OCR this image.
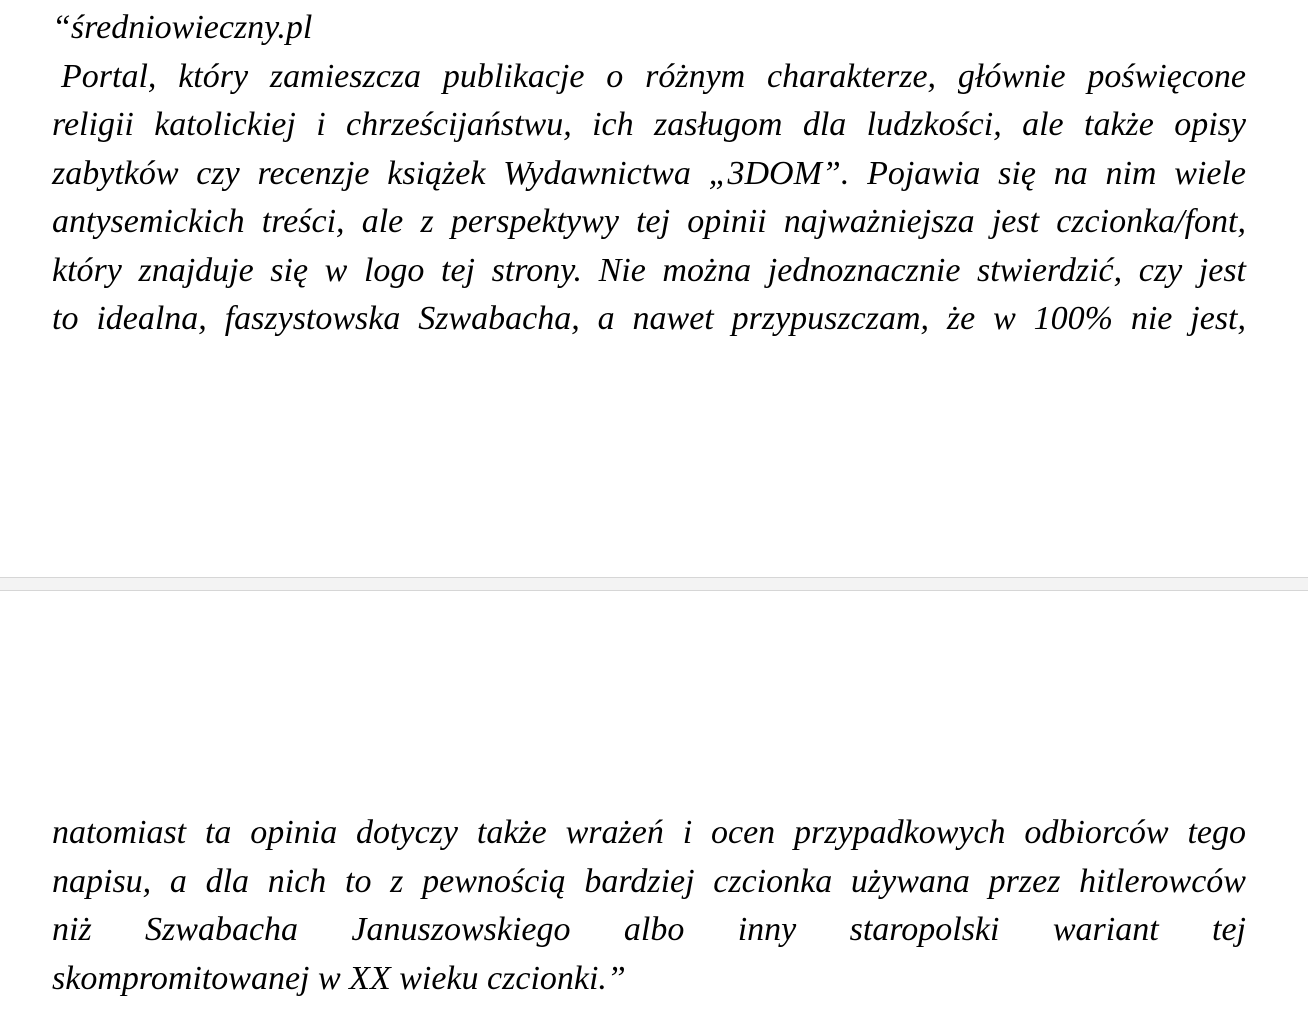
“średniowieczny.pl
Portal, który zamieszcza publikacje o różnym charakterze, głównie poświęcone
religii katolickiej i chrześcijaństwu, ich zasługom dla ludzkości, ale także opisy
zabytków czy recenzje książek Wydawnictwa „3DOM”. Pojawia się na nim wiele
antysemickich treści, ale z perspektywy tej opinii najważniejsza jest czcionka/font,
który znajduje się w logo tej strony. Nie można jednoznacznie stwierdzić, czy jest
to idealna, faszystowska Szwabacha, a nawet przypuszczam, że w 100% nie jest,
natomiast ta opinia dotyczy także wrażeń i ocen przypadkowych odbiorców tego
napisu, a dla nich to z pewnością bardziej czcionka używana przez hitlerowców
niż Szwabacha Januszowskiego albo inny staropolski wariant tej
skompromitowanej w XX wieku czcionki.”
